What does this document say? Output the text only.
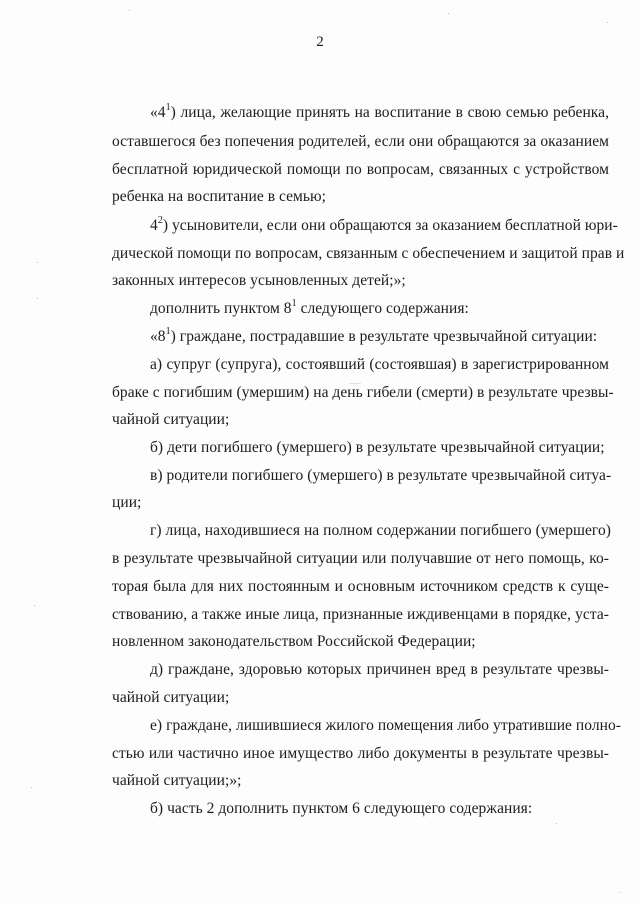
2
«$4^1$) лица, желающие принять на воспитание в свою семью ребенка,
оставшегося без попечения родителей, если они обращаются за оказанием
бесплатной юридической помощи по вопросам, связанных с устройством
ребенка на воспитание в семью;
$4^2$) усыновители, если они обращаются за оказанием бесплатной юри-
дической помощи по вопросам, связанным с обеспечением и защитой прав и
законных интересов усыновленных детей;»;
дополнить пунктом $8^1$ следующего содержания:
«$8^1$) граждане, пострадавшие в результате чрезвычайной ситуации:
а) супруг (супруга), состоявший (состоявшая) в зарегистрированном
браке с погибшим (умершим) на день гибели (смерти) в результате чрезвы-
чайной ситуации;
б) дети погибшего (умершего) в результате чрезвычайной ситуации;
в) родители погибшего (умершего) в результате чрезвычайной ситуа-
ции;
г) лица, находившиеся на полном содержании погибшего (умершего)
в результате чрезвычайной ситуации или получавшие от него помощь, ко-
торая была для них постоянным и основным источником средств к суще-
ствованию, а также иные лица, признанные иждивенцами в порядке, уста-
новленном законодательством Российской Федерации;
д) граждане, здоровью которых причинен вред в результате чрезвы-
чайной ситуации;
е) граждане, лишившиеся жилого помещения либо утратившие полно-
стью или частично иное имущество либо документы в результате чрезвы-
чайной ситуации;»;
б) часть 2 дополнить пунктом 6 следующего содержания:
